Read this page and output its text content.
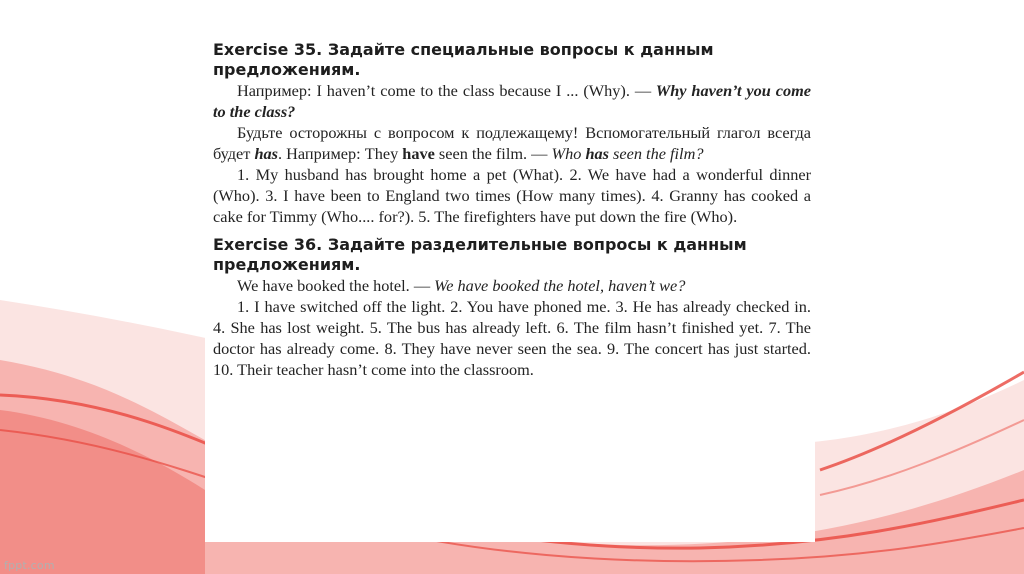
Exercise 35. Задайте специальные вопросы к данным предложениям.

Например: I haven’t come to the class because I ... (Why). — Why haven’t you come to the class?

Будьте осторожны с вопросом к подлежащему! Вспомогательный глагол всегда будет has. Например: They have seen the film. — Who has seen the film?

1. My husband has brought home a pet (What). 2. We have had a wonderful dinner (Who). 3. I have been to England two times (How many times). 4. Granny has cooked a cake for Timmy (Who.... for?). 5. The firefighters have put down the fire (Who).

Exercise 36. Задайте разделительные вопросы к данным предложениям.

We have booked the hotel. — We have booked the hotel, haven’t we?

1. I have switched off the light. 2. You have phoned me. 3. He has already checked in. 4. She has lost weight. 5. The bus has already left. 6. The film hasn’t finished yet. 7. The doctor has already come. 8. They have never seen the sea. 9. The concert has just started. 10. Their teacher hasn’t come into the classroom.

fppt.com
